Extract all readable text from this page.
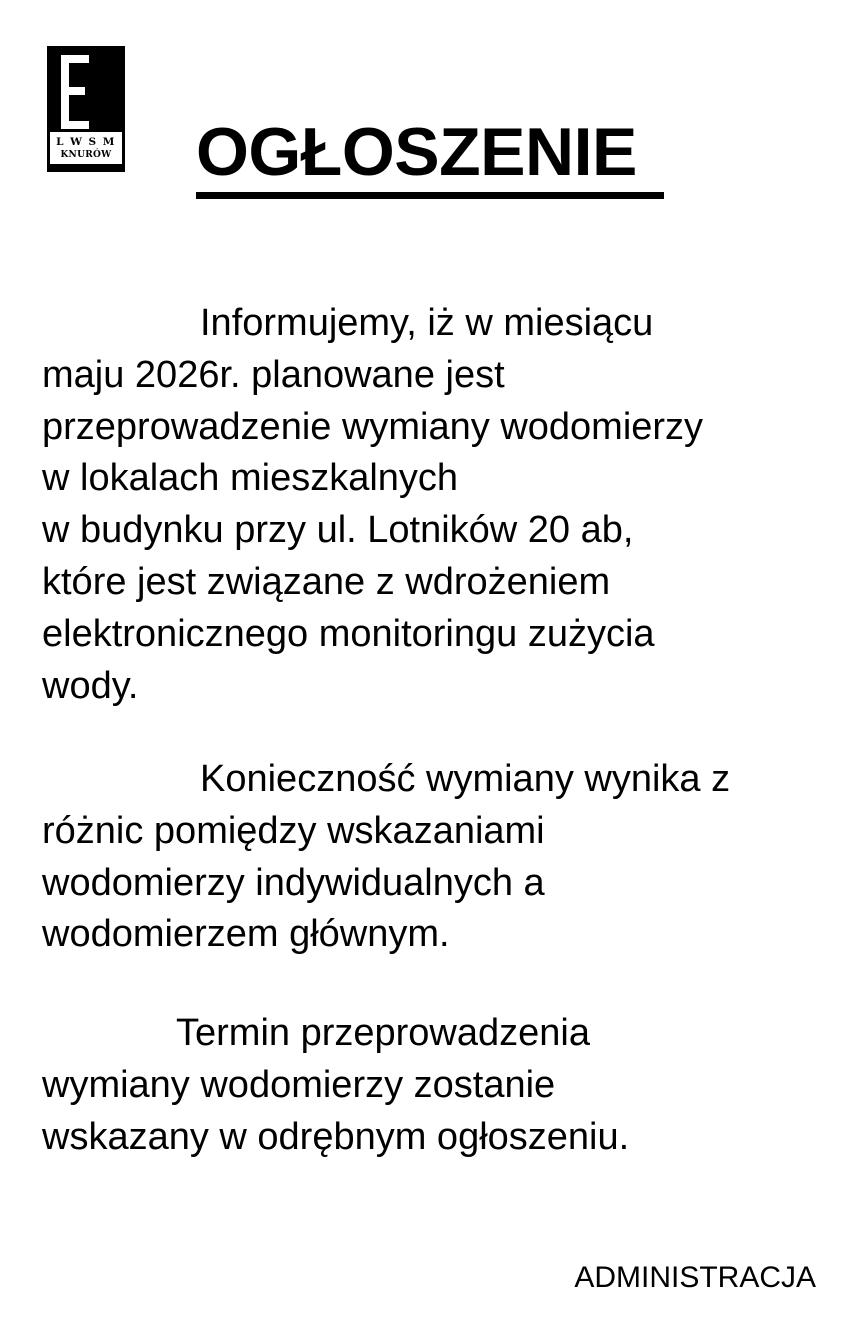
L W S M
KNURÓW OGŁOSZENIE

Informujemy, iż w miesiącu
maju 2026r. planowane jest
przeprowadzenie wymiany wodomierzy
w lokalach mieszkalnych
w budynku przy ul. Lotników 20 ab,
które jest związane z wdrożeniem
elektronicznego monitoringu zużycia
wody.

Konieczność wymiany wynika z
różnic pomiędzy wskazaniami
wodomierzy indywidualnych a
wodomierzem głównym.

Termin przeprowadzenia
wymiany wodomierzy zostanie
wskazany w odrębnym ogłoszeniu.

ADMINISTRACJA
